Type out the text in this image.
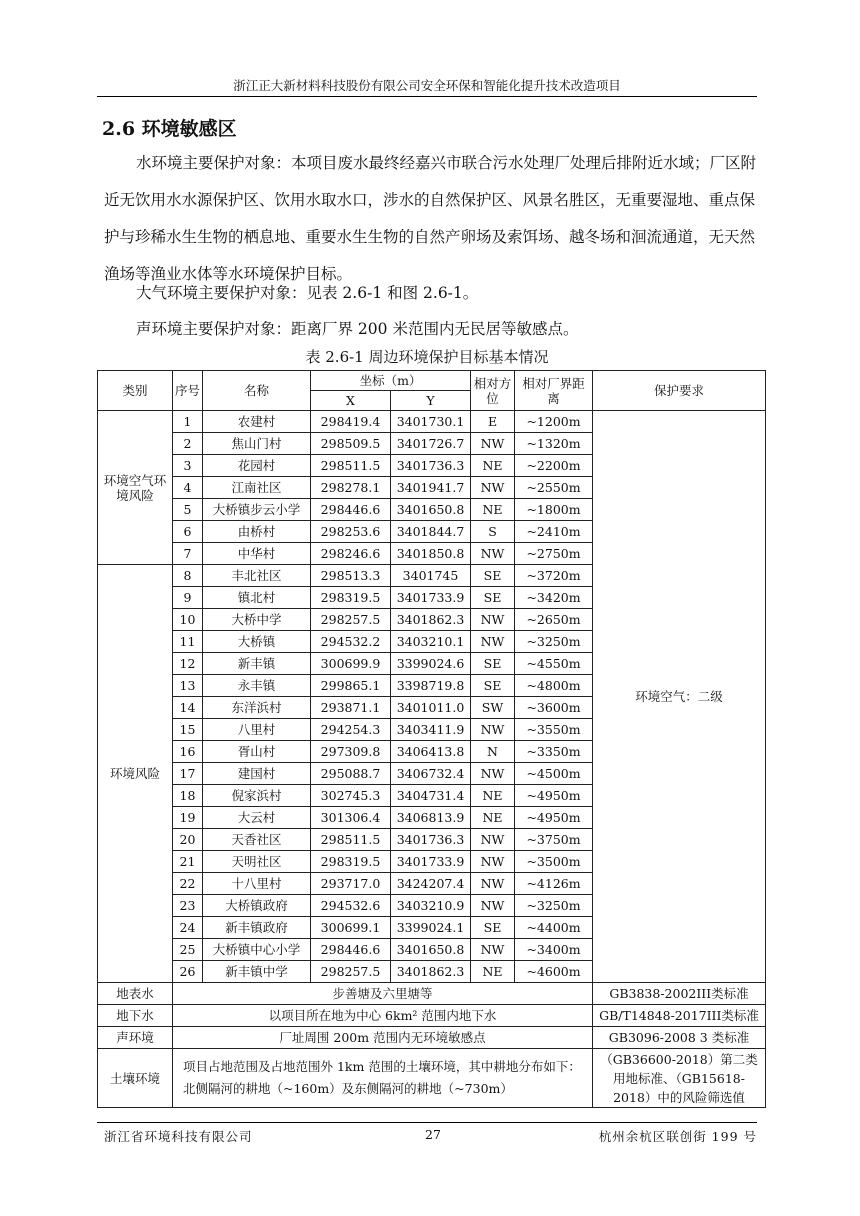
浙江正大新材料科技股份有限公司安全环保和智能化提升技术改造项目
2.6 环境敏感区
水环境主要保护对象：本项目废水最终经嘉兴市联合污水处理厂处理后排附近水域；厂区附近无饮用水水源保护区、饮用水取水口，涉水的自然保护区、风景名胜区，无重要湿地、重点保护与珍稀水生生物的栖息地、重要水生生物的自然产卵场及索饵场、越冬场和洄流通道，无天然渔场等渔业水体等水环境保护目标。
大气环境主要保护对象：见表 2.6-1 和图 2.6-1。
声环境主要保护对象：距离厂界 200 米范围内无民居等敏感点。
表 2.6-1 周边环境保护目标基本情况
类别	序号	名称	坐标（m）		相对方位	相对厂界距离	保护要求
			X	Y			
环境空气环境风险	1	农建村	298419.4	3401730.1	E	~1200m	环境空气：二级
	2	焦山门村	298509.5	3401726.7	NW	~1320m	
	3	花园村	298511.5	3401736.3	NE	~2200m	
	4	江南社区	298278.1	3401941.7	NW	~2550m	
	5	大桥镇步云小学	298446.6	3401650.8	NE	~1800m	
	6	由桥村	298253.6	3401844.7	S	~2410m	
	7	中华村	298246.6	3401850.8	NW	~2750m	
环境风险	8	丰北社区	298513.3	3401745	SE	~3720m	
	9	镇北村	298319.5	3401733.9	SE	~3420m	
	10	大桥中学	298257.5	3401862.3	NW	~2650m	
	11	大桥镇	294532.2	3403210.1	NW	~3250m	
	12	新丰镇	300699.9	3399024.6	SE	~4550m	
	13	永丰镇	299865.1	3398719.8	SE	~4800m	
	14	东洋浜村	293871.1	3401011.0	SW	~3600m	
	15	八里村	294254.3	3403411.9	NW	~3550m	
	16	胥山村	297309.8	3406413.8	N	~3350m	
	17	建国村	295088.7	3406732.4	NW	~4500m	
	18	倪家浜村	302745.3	3404731.4	NE	~4950m	
	19	大云村	301306.4	3406813.9	NE	~4950m	
	20	天香社区	298511.5	3401736.3	NW	~3750m	
	21	天明社区	298319.5	3401733.9	NW	~3500m	
	22	十八里村	293717.0	3424207.4	NW	~4126m	
	23	大桥镇政府	294532.6	3403210.9	NW	~3250m	
	24	新丰镇政府	300699.1	3399024.1	SE	~4400m	
	25	大桥镇中心小学	298446.6	3401650.8	NW	~3400m	
	26	新丰镇中学	298257.5	3401862.3	NE	~4600m	
地表水	步善塘及六里塘等						GB3838-2002III类标准
地下水	以项目所在地为中心 6km² 范围内地下水						GB/T14848-2017III类标准
声环境	厂址周围 200m 范围内无环境敏感点						GB3096-2008 3 类标准
土壤环境	项目占地范围及占地范围外 1km 范围的土壤环境，其中耕地分布如下：北侧隔河的耕地（~160m）及东侧隔河的耕地（~730m）						（GB36600-2018）第二类用地标准、（GB15618-2018）中的风险筛选值
浙江省环境科技有限公司	27	杭州余杭区联创街 199 号
